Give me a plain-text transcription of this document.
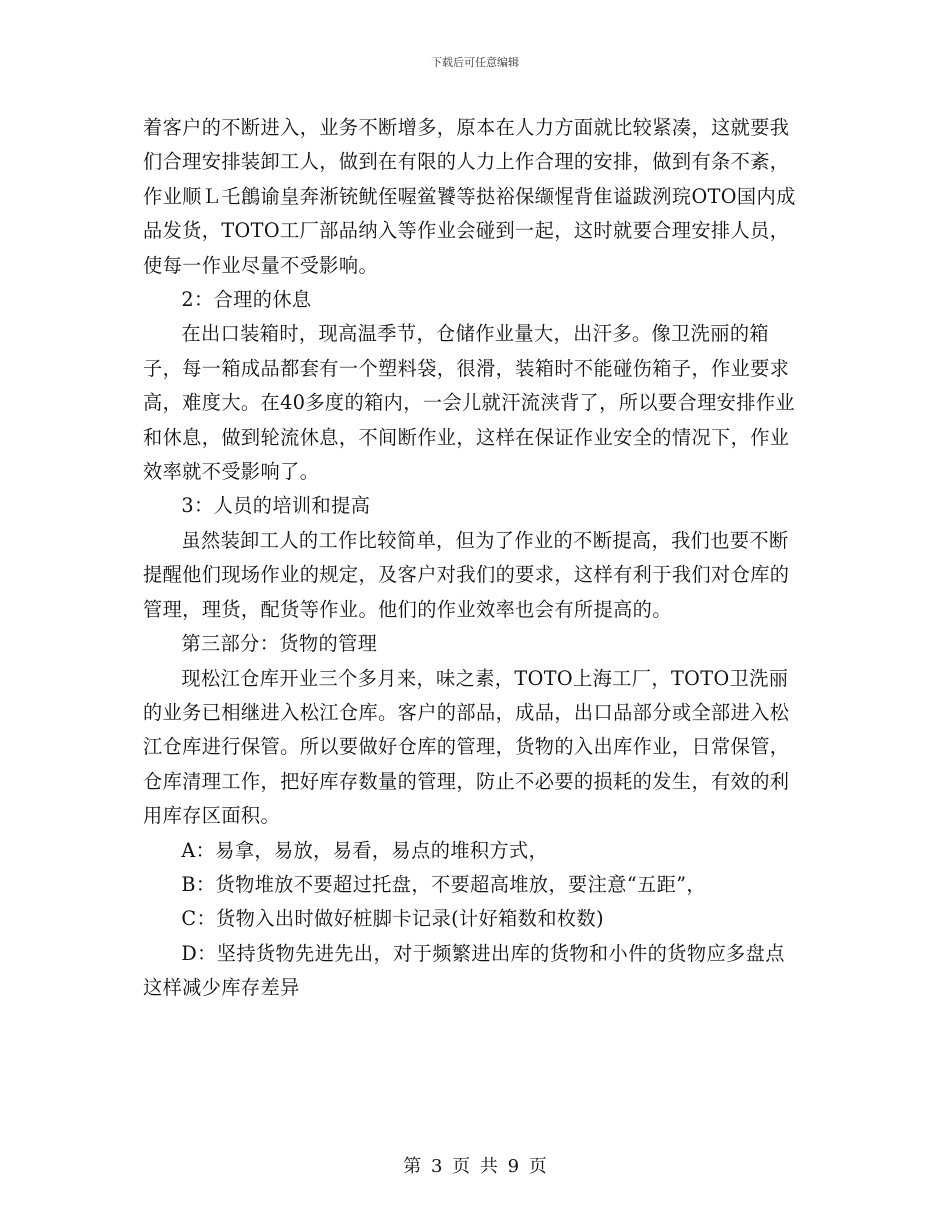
下载后可任意编辑

着客户的不断进入，业务不断增多，原本在人力方面就比较紧凑，这就要我们合理安排装卸工人，做到在有限的人力上作合理的安排，做到有条不紊，作业顺Ｌ乇鶬谕皇奔淅铳鱿侄喔鲎饕等挞裕保缬惺背隹谥跋洌琓OTO国内成品发货，TOTO工厂部品纳入等作业会碰到一起，这时就要合理安排人员，使每一作业尽量不受影响。

2：合理的休息

在出口装箱时，现高温季节，仓储作业量大，出汗多。像卫洗丽的箱子，每一箱成品都套有一个塑料袋，很滑，装箱时不能碰伤箱子，作业要求高，难度大。在40多度的箱内，一会儿就汗流浃背了，所以要合理安排作业和休息，做到轮流休息，不间断作业，这样在保证作业安全的情况下，作业效率就不受影响了。

3：人员的培训和提高

虽然装卸工人的工作比较简单，但为了作业的不断提高，我们也要不断提醒他们现场作业的规定，及客户对我们的要求，这样有利于我们对仓库的管理，理货，配货等作业。他们的作业效率也会有所提高的。

第三部分：货物的管理

现松江仓库开业三个多月来，味之素，TOTO上海工厂，TOTO卫洗丽的业务已相继进入松江仓库。客户的部品，成品，出口品部分或全部进入松江仓库进行保管。所以要做好仓库的管理，货物的入出库作业，日常保管，仓库清理工作，把好库存数量的管理，防止不必要的损耗的发生，有效的利用库存区面积。

A：易拿，易放，易看，易点的堆积方式，

B：货物堆放不要超过托盘，不要超高堆放，要注意“五距”，

C：货物入出时做好桩脚卡记录(计好箱数和枚数)

D：坚持货物先进先出，对于频繁进出库的货物和小件的货物应多盘点这样减少库存差异

第 3 页 共 9 页
